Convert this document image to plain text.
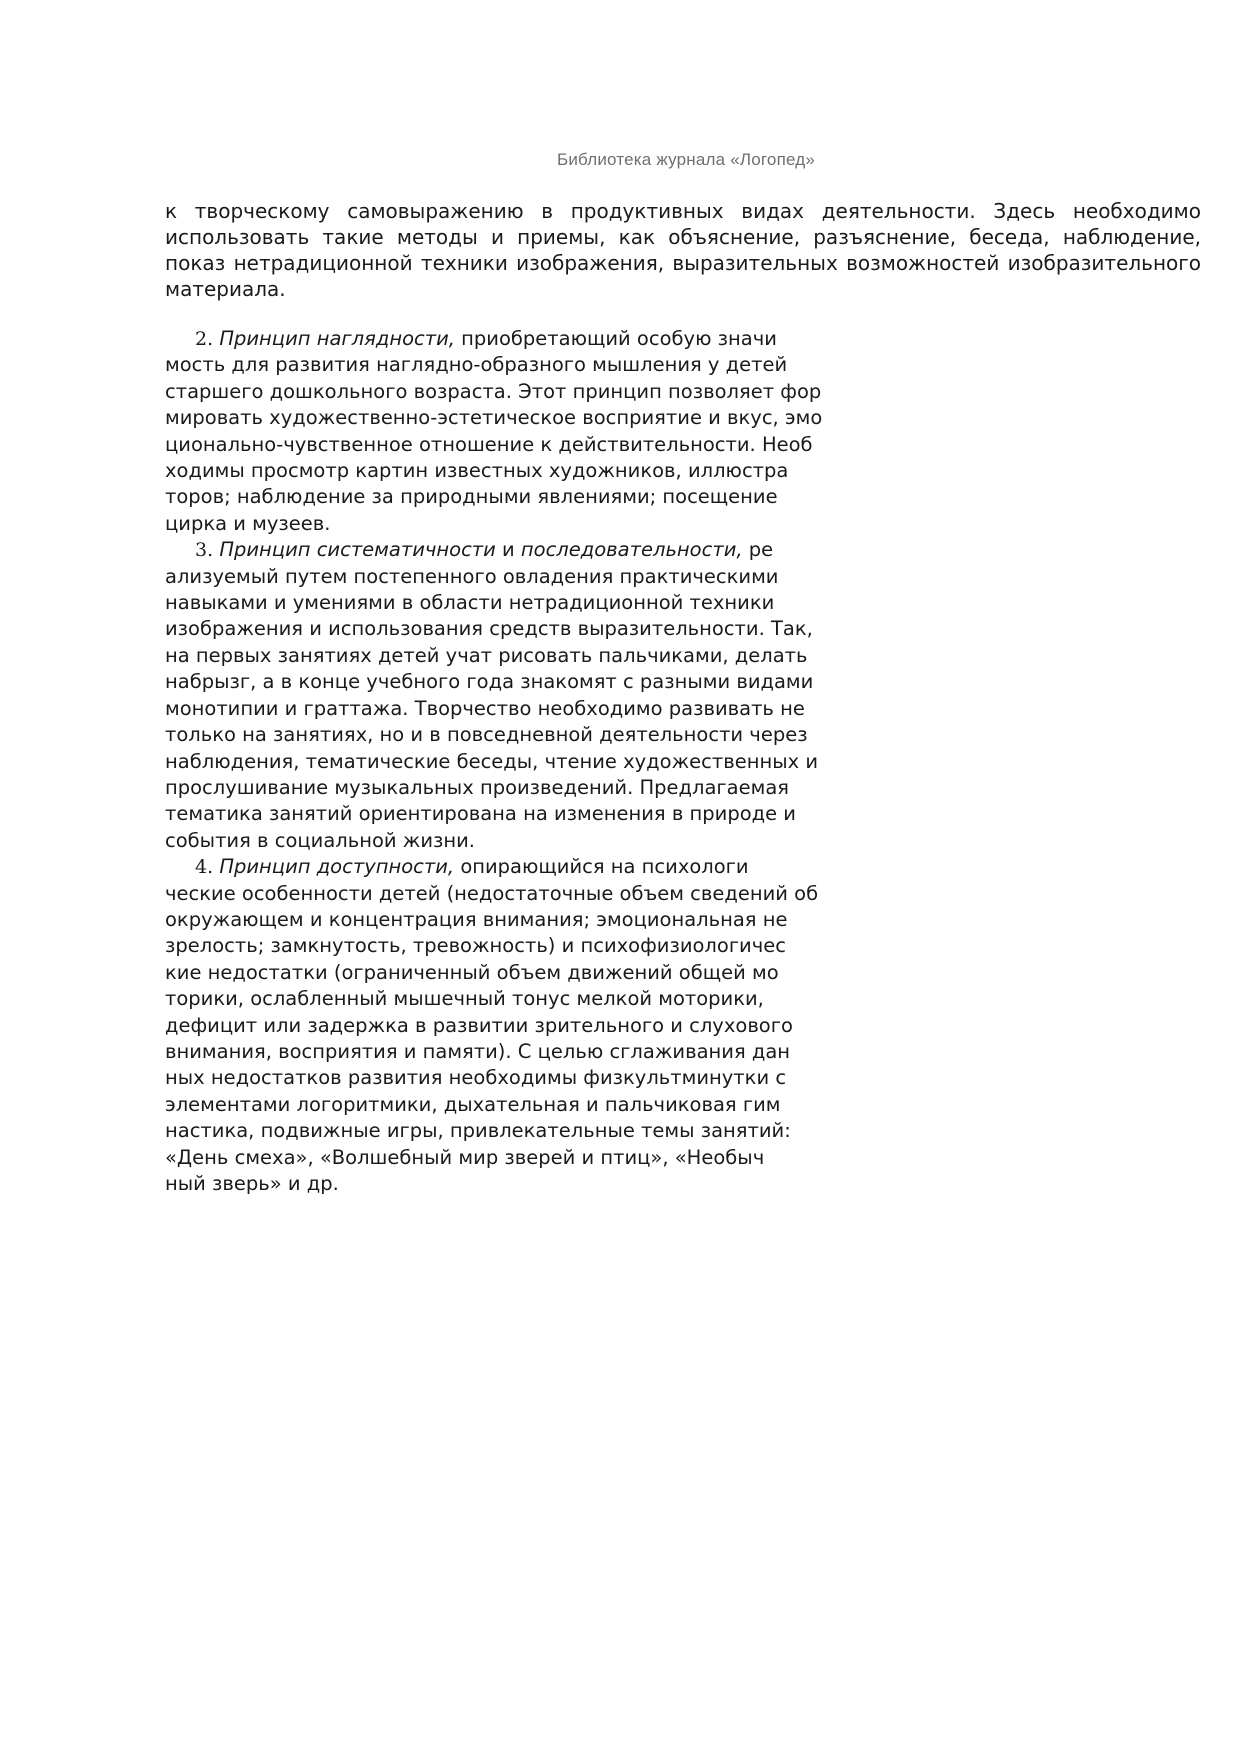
Библиотека журнала «Логопед»
к творческому самовыражению в продуктивных видах деятельности. Здесь необходимо
использовать такие методы и приемы, как объяснение, разъяснение, беседа, наблюдение,
показ нетрадиционной техники изображения, выразительных возможностей изобразительного
материала.
2. Принцип наглядности, приобретающий особую значи
мость для развития наглядно-образного мышления у детей
старшего дошкольного возраста. Этот принцип позволяет фор
мировать художественно-эстетическое восприятие и вкус, эмо
ционально-чувственное отношение к действительности. Необ
ходимы просмотр картин известных художников, иллюстра
торов; наблюдение за природными явлениями; посещение
цирка и музеев.
3. Принцип систематичности и последовательности, ре
ализуемый путем постепенного овладения практическими
навыками и умениями в области нетрадиционной техники
изображения и использования средств выразительности. Так,
на первых занятиях детей учат рисовать пальчиками, делать
набрызг, а в конце учебного года знакомят с разными видами
монотипии и граттажа. Творчество необходимо развивать не
только на занятиях, но и в повседневной деятельности через
наблюдения, тематические беседы, чтение художественных и
прослушивание музыкальных произведений. Предлагаемая
тематика занятий ориентирована на изменения в природе и
события в социальной жизни.
4. Принцип доступности, опирающийся на психологи
ческие особенности детей (недостаточные объем сведений об
окружающем и концентрация внимания; эмоциональная не
зрелость; замкнутость, тревожность) и психофизиологичес
кие недостатки (ограниченный объем движений общей мо
торики, ослабленный мышечный тонус мелкой моторики,
дефицит или задержка в развитии зрительного и слухового
внимания, восприятия и памяти). С целью сглаживания дан
ных недостатков развития необходимы физкультминутки с
элементами логоритмики, дыхательная и пальчиковая гим
настика, подвижные игры, привлекательные темы занятий:
«День смеха», «Волшебный мир зверей и птиц», «Необыч
ный зверь» и др.
